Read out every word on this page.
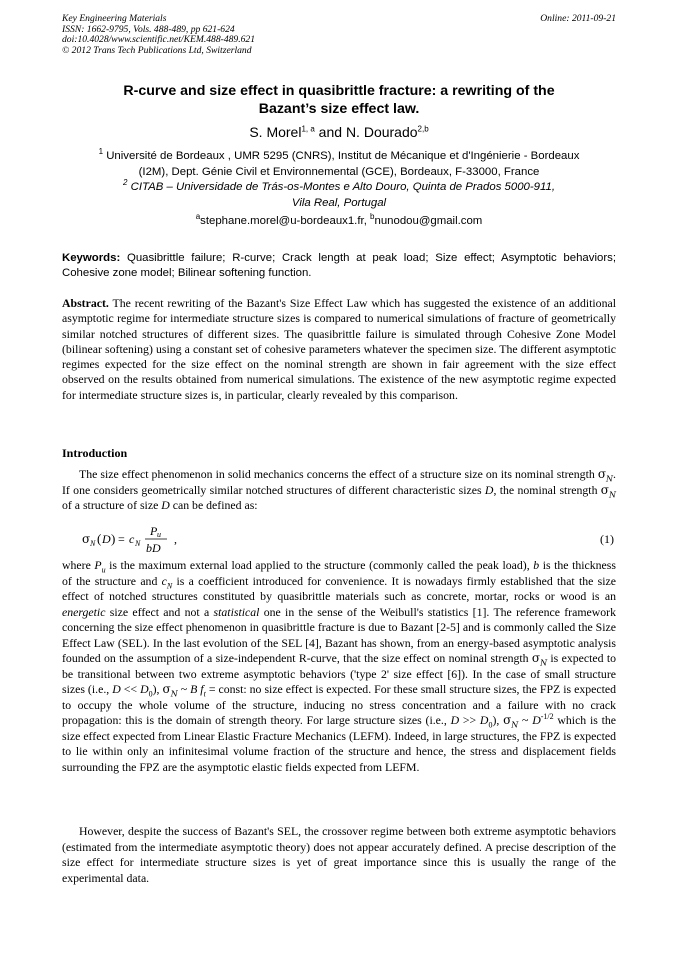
Key Engineering Materials
ISSN: 1662-9795, Vols. 488-489, pp 621-624
doi:10.4028/www.scientific.net/KEM.488-489.621
© 2012 Trans Tech Publications Ltd, Switzerland
Online: 2011-09-21
R-curve and size effect in quasibrittle fracture: a rewriting of the
Bazant’s size effect law.
S. Morel$^{1, a}$ and N. Dourado$^{2,b}$
$^1$ Université de Bordeaux , UMR 5295 (CNRS), Institut de Mécanique et d'Ingénierie - Bordeaux
(I2M), Dept. Génie Civil et Environnemental (GCE), Bordeaux, F-33000, France
$^2$ CITAB – Universidade de Trás-os-Montes e Alto Douro, Quinta de Prados 5000-911,
Vila Real, Portugal
$^a$stephane.morel@u-bordeaux1.fr, $^b$nunodou@gmail.com
Keywords: Quasibrittle failure; R-curve; Crack length at peak load; Size effect; Asymptotic behaviors; Cohesive zone model; Bilinear softening function.
Abstract. The recent rewriting of the Bazant's Size Effect Law which has suggested the existence of an additional asymptotic regime for intermediate structure sizes is compared to numerical simulations of fracture of geometrically similar notched structures of different sizes. The quasibrittle failure is simulated through Cohesive Zone Model (bilinear softening) using a constant set of cohesive parameters whatever the specimen size. The different asymptotic regimes expected for the size effect on the nominal strength are shown in fair agreement with the size effect observed on the results obtained from numerical simulations. The existence of the new asymptotic regime expected for intermediate structure sizes is, in particular, clearly revealed by this comparison.
Introduction
The size effect phenomenon in solid mechanics concerns the effect of a structure size on its nominal strength $\sigma_N$. If one considers geometrically similar notched structures of different characteristic sizes D, the nominal strength $\sigma_N$ of a structure of size D can be defined as:
σ N ( D ) = c N
P u
bD
,	(1)
where $P_u$ is the maximum external load applied to the structure (commonly called the peak load), b is the thickness of the structure and $c_N$ is a coefficient introduced for convenience. It is nowadays firmly established that the size effect of notched structures constituted by quasibrittle materials such as concrete, mortar, rocks or wood is an energetic size effect and not a statistical one in the sense of the Weibull's statistics [1]. The reference framework concerning the size effect phenomenon in quasibrittle fracture is due to Bazant [2-5] and is commonly called the Size Effect Law (SEL). In the last evolution of the SEL [4], Bazant has shown, from an energy-based asymptotic analysis founded on the assumption of a size-independent R-curve, that the size effect on nominal strength $\sigma_N$ is expected to be transitional between two extreme asymptotic behaviors ('type 2' size effect [6]). In the case of small structure sizes (i.e., $D << D_0$), $\sigma_N$ ~ B $f_t$ = const: no size effect is expected. For these small structure sizes, the FPZ is expected to occupy the whole volume of the structure, inducing no stress concentration and a failure with no crack propagation: this is the domain of strength theory. For large structure sizes (i.e., $D >> D_0$), $\sigma_N$ ~ $D^{-1/2}$ which is the size effect expected from Linear Elastic Fracture Mechanics (LEFM). Indeed, in large structures, the FPZ is expected to lie within only an infinitesimal volume fraction of the structure and hence, the stress and displacement fields surrounding the FPZ are the asymptotic elastic fields expected from LEFM.
However, despite the success of Bazant's SEL, the crossover regime between both extreme asymptotic behaviors (estimated from the intermediate asymptotic theory) does not appear accurately defined. A precise description of the size effect for intermediate structure sizes is yet of great importance since this is usually the range of the experimental data.
